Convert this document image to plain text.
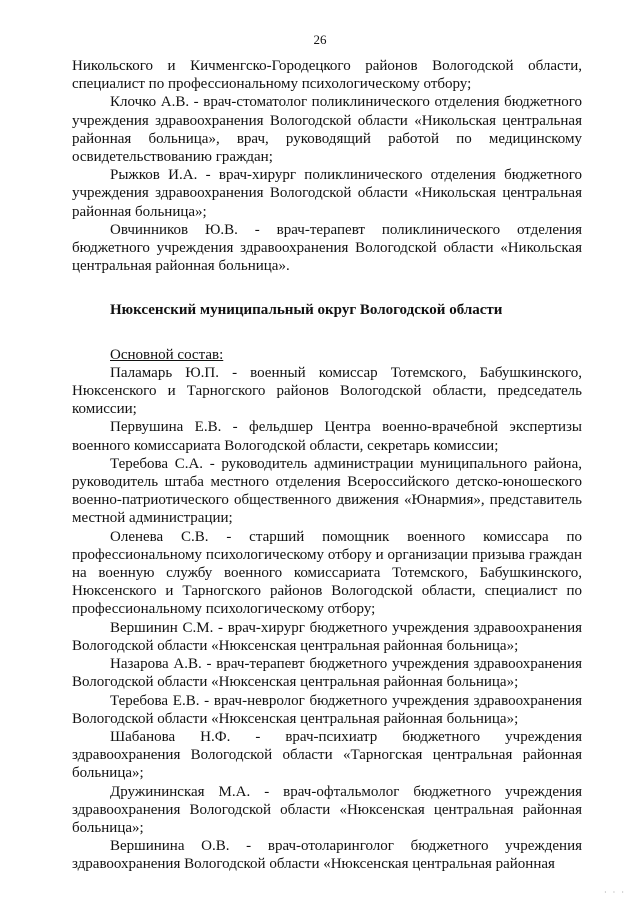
26

Никольского и Кичменгско-Городецкого районов Вологодской области, специалист по профессиональному психологическому отбору;

Клочко А.В. - врач-стоматолог поликлинического отделения бюджетного учреждения здравоохранения Вологодской области «Никольская центральная районная больница», врач, руководящий работой по медицинскому освидетельствованию граждан;

Рыжков И.А. - врач-хирург поликлинического отделения бюджетного учреждения здравоохранения Вологодской области «Никольская центральная районная больница»;

Овчинников Ю.В. - врач-терапевт поликлинического отделения бюджетного учреждения здравоохранения Вологодской области «Никольская центральная районная больница».

Нюксенский муниципальный округ Вологодской области

Основной состав:

Паламарь Ю.П. - военный комиссар Тотемского, Бабушкинского, Нюксенского и Тарногского районов Вологодской области, председатель комиссии;

Первушина Е.В. - фельдшер Центра военно-врачебной экспертизы военного комиссариата Вологодской области, секретарь комиссии;

Теребова С.А. - руководитель администрации муниципального района, руководитель штаба местного отделения Всероссийского детско-юношеского военно-патриотического общественного движения «Юнармия», представитель местной администрации;

Оленева С.В. - старший помощник военного комиссара по профессиональному психологическому отбору и организации призыва граждан на военную службу военного комиссариата Тотемского, Бабушкинского, Нюксенского и Тарногского районов Вологодской области, специалист по профессиональному психологическому отбору;

Вершинин С.М. - врач-хирург бюджетного учреждения здравоохранения Вологодской области «Нюксенская центральная районная больница»;

Назарова А.В. - врач-терапевт бюджетного учреждения здравоохранения Вологодской области «Нюксенская центральная районная больница»;

Теребова Е.В. - врач-невролог бюджетного учреждения здравоохранения Вологодской области «Нюксенская центральная районная больница»;

Шабанова Н.Ф. - врач-психиатр бюджетного учреждения здравоохранения Вологодской области «Тарногская центральная районная больница»;

Дружининская М.А. - врач-офтальмолог бюджетного учреждения здравоохранения Вологодской области «Нюксенская центральная районная больница»;

Вершинина О.В. - врач-отоларинголог бюджетного учреждения здравоохранения Вологодской области «Нюксенская центральная районная

· · ·
